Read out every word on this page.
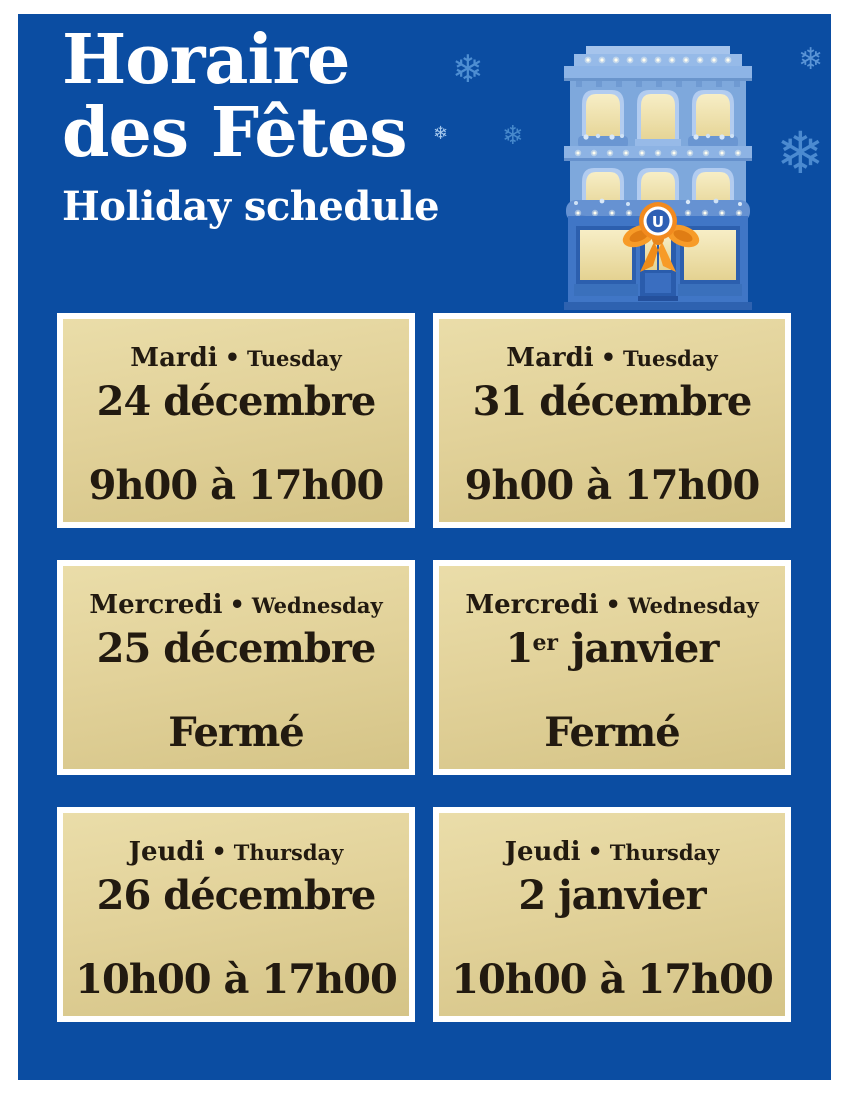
Horaire
des Fêtes
Holiday schedule
❄
❄ ❄
❄
❄
U
Mardi • Tuesday
24 décembre
9h00 à 17h00
Mardi • Tuesday
31 décembre
9h00 à 17h00
Mercredi • Wednesday
25 décembre
Fermé
Mercredi • Wednesday
1er janvier
Fermé
Jeudi • Thursday
26 décembre
10h00 à 17h00
Jeudi • Thursday
2 janvier
10h00 à 17h00
